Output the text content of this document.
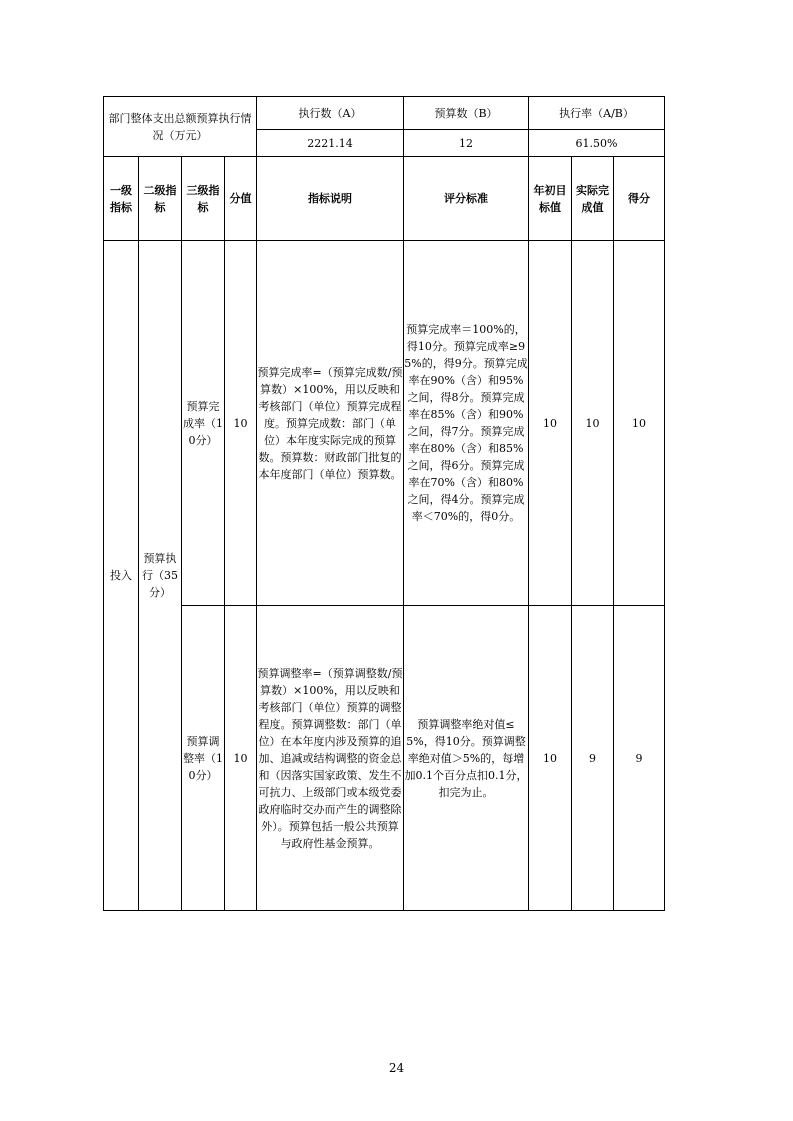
部门整体支出总额预算执行情况（万元）				执行数（A）	预算数（B）	执行率（A/B）		
				2221.14	12	61.50%		
一级指标	二级指标	三级指标	分值	指标说明	评分标准	年初目标值	实际完成值	得分
投入	预算执行（35分）	预算完成率（10分）	10	预算完成率=（预算完成数/预算数）×100%，用以反映和考核部门（单位）预算完成程度。预算完成数：部门（单位）本年度实际完成的预算数。预算数：财政部门批复的本年度部门（单位）预算数。	预算完成率＝100%的，得10分。预算完成率≥95%的，得9分。预算完成率在90%（含）和95%之间，得8分。预算完成率在85%（含）和90%之间，得7分。预算完成率在80%（含）和85%之间，得6分。预算完成率在70%（含）和80%之间，得4分。预算完成率＜70%的，得0分。	10	10	10
		预算调整率（10分）	10	预算调整率=（预算调整数/预算数）×100%，用以反映和考核部门（单位）预算的调整程度。预算调整数：部门（单位）在本年度内涉及预算的追加、追减或结构调整的资金总和（因落实国家政策、发生不可抗力、上级部门或本级党委政府临时交办而产生的调整除外）。预算包括一般公共预算与政府性基金预算。	预算调整率绝对值≤5%，得10分。预算调整率绝对值＞5%的，每增加0.1个百分点扣0.1分，扣完为止。	10	9	9
24
